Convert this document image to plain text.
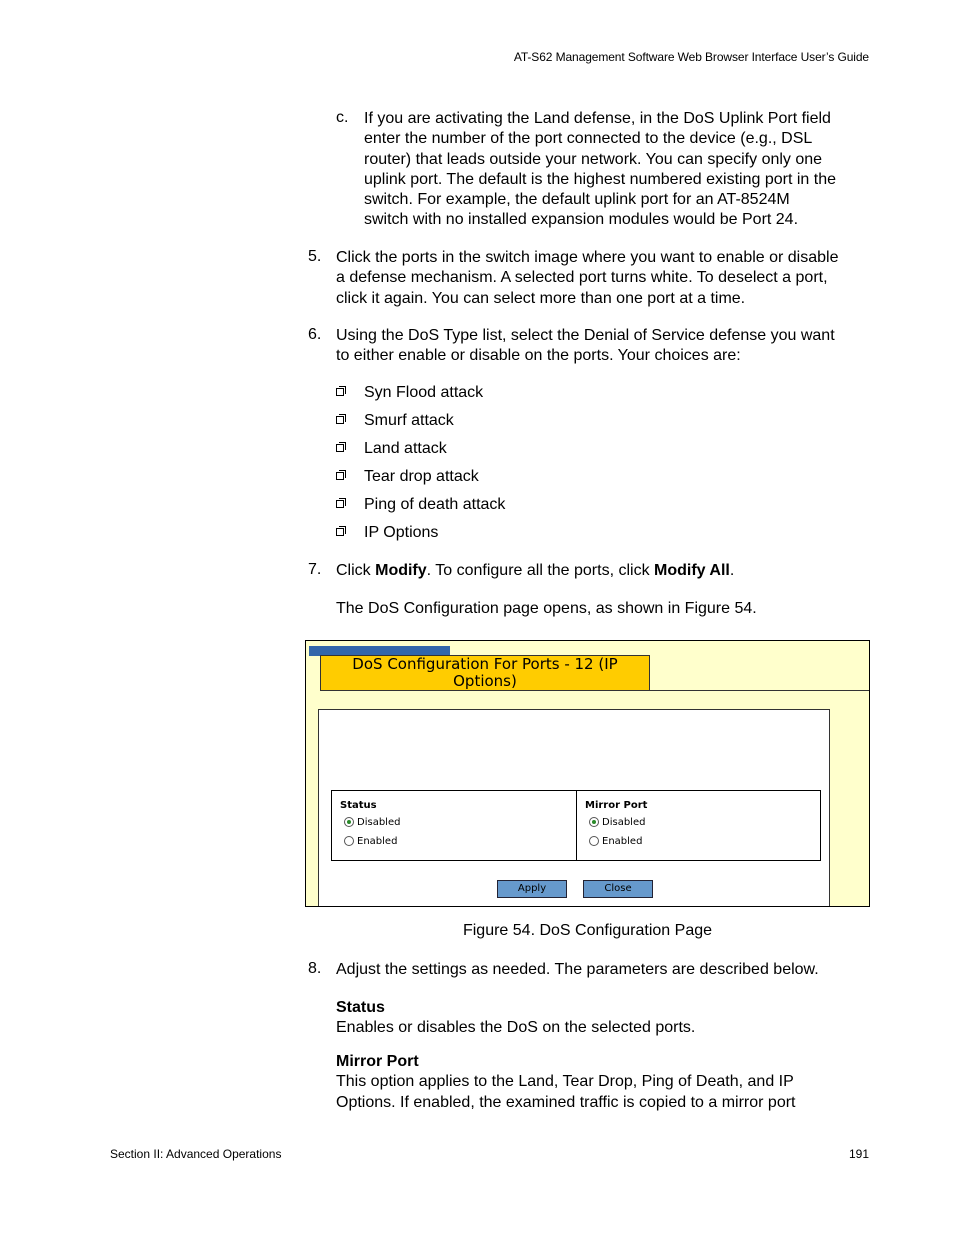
AT-S62 Management Software Web Browser Interface User’s Guide
c. If you are activating the Land defense, in the DoS Uplink Port field
enter the number of the port connected to the device (e.g., DSL
router) that leads outside your network. You can specify only one
uplink port. The default is the highest numbered existing port in the
switch. For example, the default uplink port for an AT-8524M
switch with no installed expansion modules would be Port 24.
5. Click the ports in the switch image where you want to enable or disable
a defense mechanism. A selected port turns white. To deselect a port,
click it again. You can select more than one port at a time.
6. Using the DoS Type list, select the Denial of Service defense you want
to either enable or disable on the ports. Your choices are:
Syn Flood attack
Smurf attack
Land attack
Tear drop attack
Ping of death attack
IP Options
7. Click Modify. To configure all the ports, click Modify All.
The DoS Configuration page opens, as shown in Figure 54.
DoS Configuration For Ports - 12 (IP
Options)
Status
Disabled
Enabled
Mirror Port
Disabled
Enabled
Apply	Close
Figure 54. DoS Configuration Page
8. Adjust the settings as needed. The parameters are described below.
Status
Enables or disables the DoS on the selected ports.
Mirror Port
This option applies to the Land, Tear Drop, Ping of Death, and IP
Options. If enabled, the examined traffic is copied to a mirror port
Section II: Advanced Operations	191
